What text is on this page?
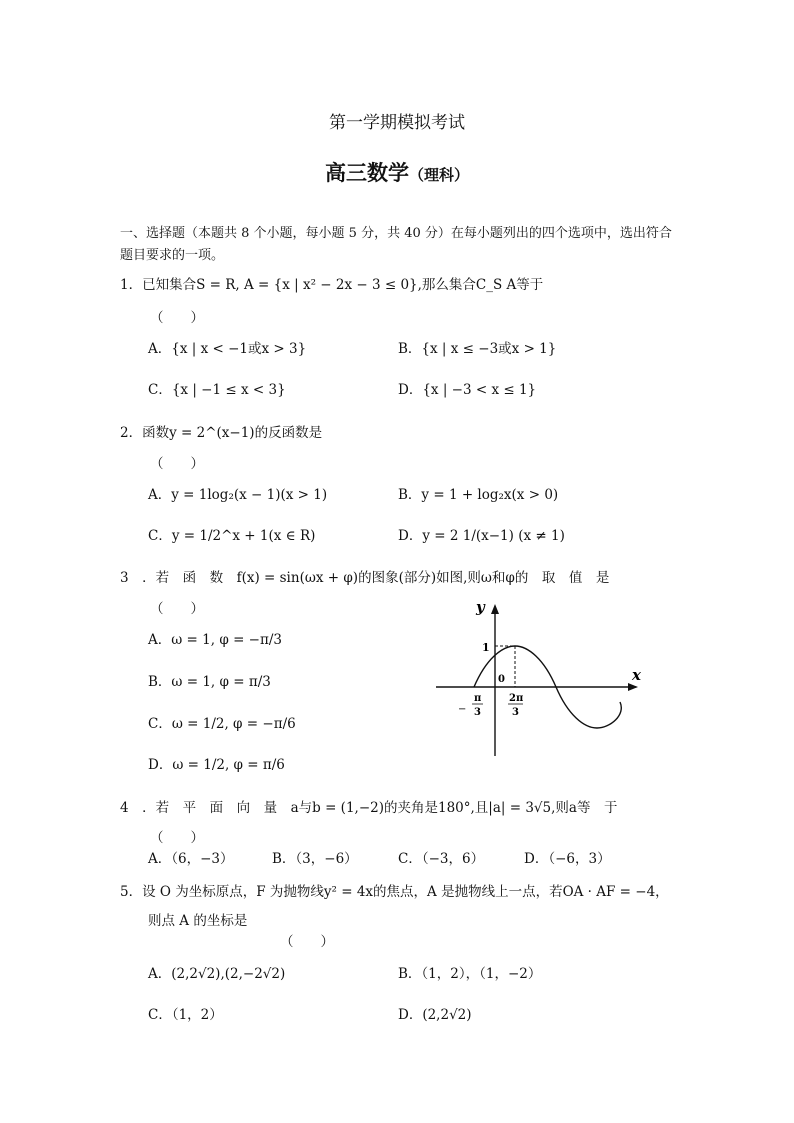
第一学期模拟考试
高三数学（理科）
一、选择题（本题共 8 个小题，每小题 5 分，共 40 分）在每小题列出的四个选项中，选出符合题目要求的一项。
1．已知集合S = R, A = {x | x² − 2x − 3 ≤ 0},那么集合C_S A等于
（　　）
A．{x | x < −1或x > 3}	B．{x | x ≤ −3或x > 1}
C．{x | −1 ≤ x < 3}	D．{x | −3 < x ≤ 1}
2．函数y = 2^(x−1)的反函数是
（　　）
A．y = 1log₂(x − 1)(x > 1)	B．y = 1 + log₂x(x > 0)
C．y = 1/2^x + 1(x ∈ R)	D．y = 2 1/(x−1) (x ≠ 1)
3　．若　函　数　f(x) = sin(ωx + φ)的图象(部分)如图,则ω和φ的　取　值　是
（　　）
A．ω = 1, φ = −π/3
B．ω = 1, φ = π/3
C．ω = 1/2, φ = −π/6
D．ω = 1/2, φ = π/6
y
x
1
0
−
π
3
2π
3
4　．若　平　面　向　量　a与b = (1,−2)的夹角是180°,且|a| = 3√5,则a等　于
（　　）
A．（6，−3）	B．（3，−6）	C．（−3，6）	D．（−6，3）
5．设 O 为坐标原点，F 为抛物线y² = 4x的焦点，A 是抛物线上一点，若OA · AF = −4，
则点 A 的坐标是
（　　）
A．(2,2√2),(2,−2√2)	B．（1，2），（1，−2）
C．（1，2）	D．(2,2√2)
